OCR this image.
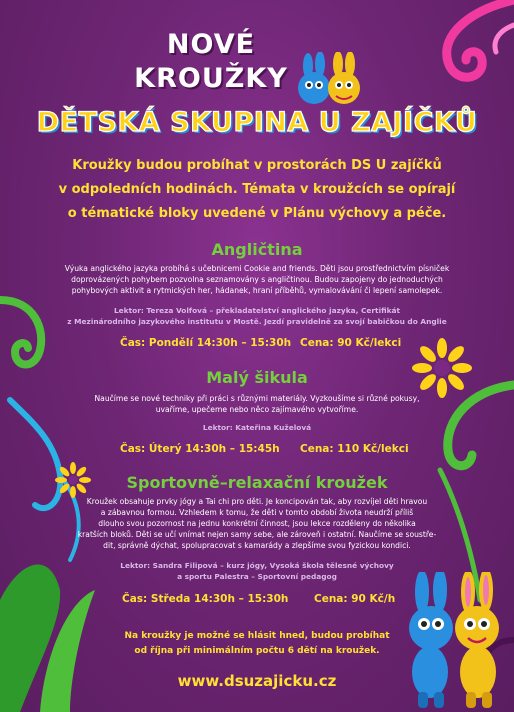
NOVÉ
KROUŽKY
DĚTSKÁ SKUPINA U ZAJÍČKŮ
Kroužky budou probíhat v prostorách DS U zajíčků
v odpoledních hodinách. Témata v kroužcích se opírají
o tématické bloky uvedené v Plánu výchovy a péče.
Angličtina
Výuka anglického jazyka probíhá s učebnicemi Cookie and friends. Děti jsou prostřednictvím písniček
doprovázených pohybem pozvolna seznamovány s angličtinou. Budou zapojeny do jednoduchých
pohybových aktivit a rytmických her, hádanek, hraní příběhů, vymalovávání či lepení samolepek.
Lektor: Tereza Volfová – překladatelství anglického jazyka, Certifikát
z Mezinárodního jazykového institutu v Mostě. Jezdí pravidelně za svojí babičkou do Anglie
Čas: Pondělí 14:30h – 15:30h Cena: 90 Kč/lekci
Malý šikula
Naučíme se nové techniky při práci s různými materiály. Vyzkoušíme si různé pokusy,
uvaříme, upečeme nebo něco zajímavého vytvoříme.
Lektor: Kateřina Kuželová
Čas: Úterý 14:30h – 15:45h Cena: 110 Kč/lekci
Sportovně–relaxační kroužek
Kroužek obsahuje prvky jógy a Tai chi pro děti. Je koncipován tak, aby rozvíjel děti hravou
a zábavnou formou. Vzhledem k tomu, že děti v tomto období života neudrží příliš
dlouho svou pozornost na jednu konkrétní činnost, jsou lekce rozděleny do několika
kratších bloků. Děti se učí vnímat nejen samy sebe, ale zároveň i ostatní. Naučíme se soustře-
dit, správně dýchat, spolupracovat s kamarády a zlepšíme svou fyzickou kondici.
Lektor: Sandra Filipová – kurz jógy, Vysoká škola tělesné výchovy
a sportu Palestra – Sportovní pedagog
Čas: Středa 14:30h – 15:30h Cena: 90 Kč/h
Na kroužky je možné se hlásit hned, budou probíhat
od října při minimálním počtu 6 dětí na kroužek.
www.dsuzajicku.cz
